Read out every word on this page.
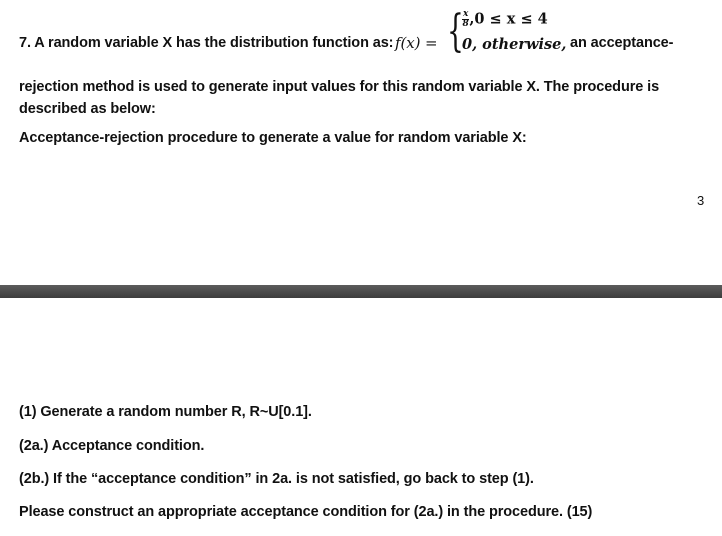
7. A random variable X has the distribution function as: f(x) = {
$\frac{x}{8} ,0 \le x \le 4$
0, otherwise, an acceptance-
rejection method is used to generate input values for this random variable X. The procedure is described as below:
Acceptance-rejection procedure to generate a value for random variable X:
3
(1) Generate a random number R, R~U[0.1].
(2a.) Acceptance condition.
(2b.) If the “acceptance condition” in 2a. is not satisfied, go back to step (1).
Please construct an appropriate acceptance condition for (2a.) in the procedure. (15)
